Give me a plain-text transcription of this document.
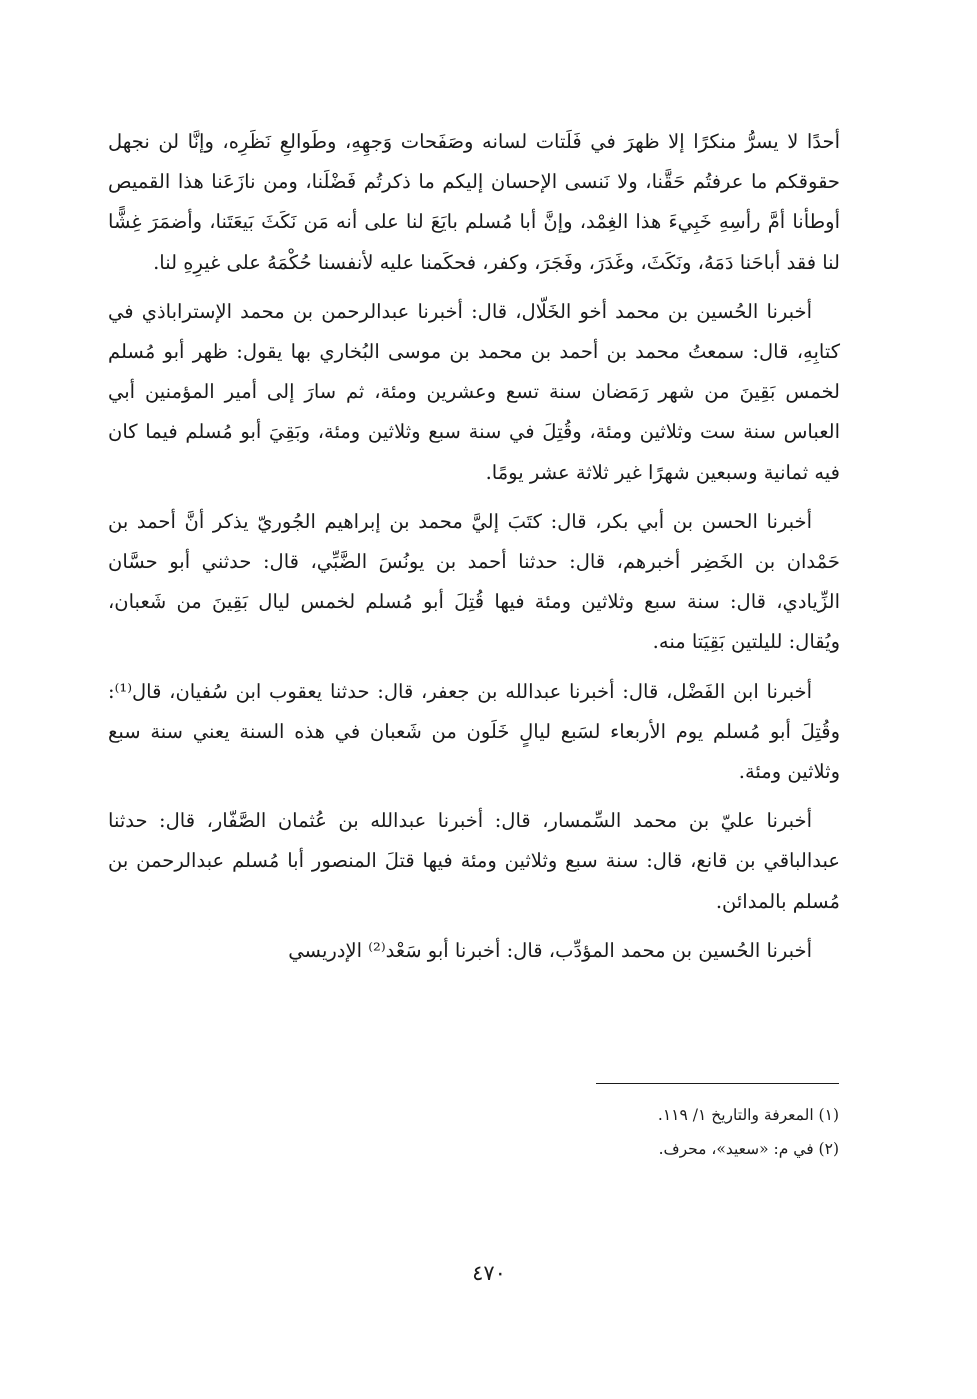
أحدًا لا يسرُّ منكرًا إلا ظهرَ في فَلَتات لسانه وصَفَحات وَجهِهِ، وطَوالعِ نَظَرِه، وإنَّا لن نجهل حقوقكم ما عرفتُم حَقَّنا، ولا نَنسى الإحسان إليكم ما ذكرتُم فَضْلَنا، ومن نازَعَنا هذا القميص أوطأنا أمَّ رأسِهِ خَبِيءَ هذا الغِمْد، وإنَّ أبا مُسلم بايَعَ لنا على أنه مَن نَكَثَ بَيعَتَنا، وأضمَرَ غِشًّا لنا فقد أباحَنا دَمَهُ، ونَكَثَ، وغَدَرَ، وفَجَرَ، وكفر، فحكَمنا عليه لأنفسنا حُكْمَهُ على غيرِهِ لنا.

أخبرنا الحُسين بن محمد أخو الخَلّال، قال: أخبرنا عبدالرحمن بن محمد الإستراباذي في كتابِهِ، قال: سمعتُ محمد بن أحمد بن محمد بن موسى البُخاري بها يقول: ظهر أبو مُسلم لخمس بَقِينَ من شهر رَمَضان سنة تسع وعشرين ومئة، ثم سارَ إلى أمير المؤمنين أبي العباس سنة ست وثلاثين ومئة، وقُتِلَ في سنة سبع وثلاثين ومئة، وبَقِيَ أبو مُسلم فيما كان فيه ثمانية وسبعين شهرًا غير ثلاثة عشر يومًا.

أخبرنا الحسن بن أبي بكر، قال: كتَبَ إليَّ محمد بن إبراهيم الجُوريّ يذكر أنَّ أحمد بن حَمْدان بن الخَضِر أخبرهم، قال: حدثنا أحمد بن يونُسَ الضَّبِّي، قال: حدثني أبو حسَّان الزِّيادي، قال: سنة سبع وثلاثين ومئة فيها قُتِلَ أبو مُسلم لخمس ليال بَقِينَ من شَعبان، ويُقال: لليلتين بَقِيَتا منه.

أخبرنا ابن الفَضْل، قال: أخبرنا عبدالله بن جعفر، قال: حدثنا يعقوب ابن سُفيان، قال⁽¹⁾: وقُتِلَ أبو مُسلم يوم الأربعاء لسَبع ليالٍ خَلَون من شَعبان في هذه السنة يعني سنة سبع وثلاثين ومئة.

أخبرنا عليّ بن محمد السِّمسار، قال: أخبرنا عبدالله بن عُثمان الصَّفّار، قال: حدثنا عبدالباقي بن قانع، قال: سنة سبع وثلاثين ومئة فيها قتلَ المنصور أبا مُسلم عبدالرحمن بن مُسلم بالمدائن.

أخبرنا الحُسين بن محمد المؤدِّب، قال: أخبرنا أبو سَعْد⁽²⁾ الإدريسي

(١) المعرفة والتاريخ ١/ ١١٩.

(٢) في م: «سعيد»، محرف.

٤٧٠
